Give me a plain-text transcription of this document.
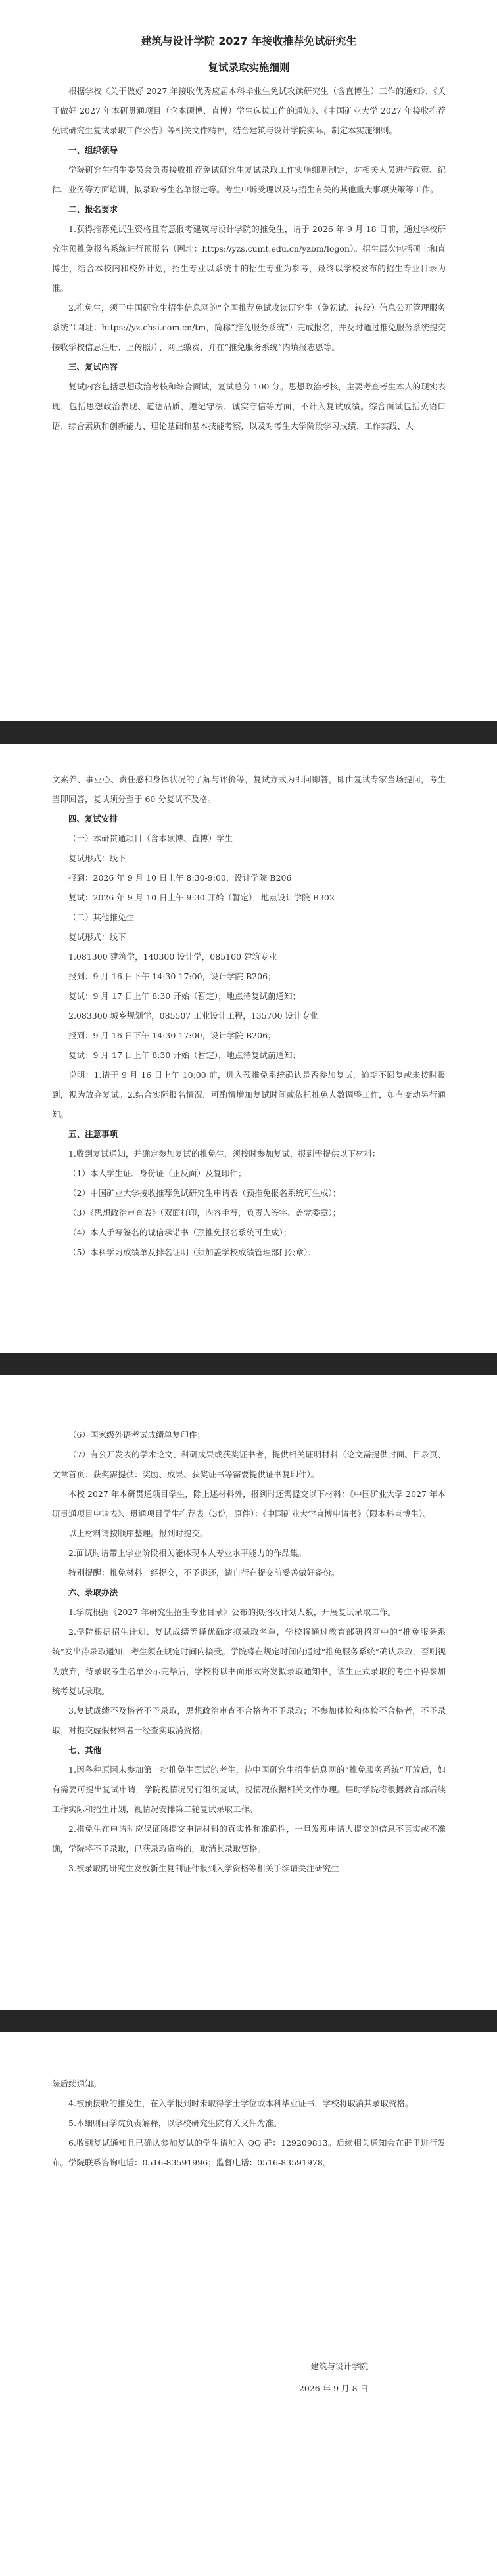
建筑与设计学院 2027 年接收推荐免试研究生
复试录取实施细则

根据学校《关于做好 2027 年接收优秀应届本科毕业生免试攻读研究生（含直博生）工作的通知》、《关于做好 2027 年本研贯通项目（含本硕博、直博）学生选拔工作的通知》、《中国矿业大学 2027 年接收推荐免试研究生复试录取工作公告》等相关文件精神，结合建筑与设计学院实际，制定本实施细则。

一、组织领导

学院研究生招生委员会负责接收推荐免试研究生复试录取工作实施细则制定，对相关人员进行政策、纪律、业务等方面培训，拟录取考生名单报定等。考生申诉受理以及与招生有关的其他重大事项决策等工作。

二、报名要求

1.获得推荐免试生资格且有意报考建筑与设计学院的推免生，请于 2026 年 9 月 18 日前，通过学校研究生预推免报名系统进行预报名（网址：https://yzs.cumt.edu.cn/yzbm/logon）。招生层次包括硕士和直博生，结合本校内和校外计划，招生专业以系统中的招生专业为参考，最终以学校发布的招生专业目录为准。

2.推免生，须于中国研究生招生信息网的“全国推荐免试攻读研究生（免初试、转段）信息公开管理服务系统”（网址：https://yz.chsi.com.cn/tm，简称“推免服务系统”）完成报名，并及时通过推免服务系统提交接收学校信息注册、上传照片、网上缴费，并在“推免服务系统”内填报志愿等。

三、复试内容

复试内容包括思想政治考核和综合面试，复试总分 100 分。思想政治考核，主要考查考生本人的现实表现，包括思想政治表现、道德品质、遵纪守法、诚实守信等方面，不计入复试成绩。综合面试包括英语口语、综合素质和创新能力、理论基础和基本技能考察，以及对考生大学阶段学习成绩、工作实践、人

文素养、事业心、责任感和身体状况的了解与评价等，复试方式为即问即答，即由复试专家当场提问，考生当即回答，复试须分至于 60 分复试不及格。

四、复试安排

（一）本研贯通项目（含本硕博、直博）学生

复试形式：线下

报到：2026 年 9 月 10 日上午 8:30-9:00，设计学院 B206

复试：2026 年 9 月 10 日上午 9:30 开始（暂定），地点设计学院 B302

（二）其他推免生

复试形式：线下

1.081300 建筑学，140300 设计学，085100 建筑专业

报到：9 月 16 日下午 14:30-17:00，设计学院 B206；

复试：9 月 17 日上午 8:30 开始（暂定），地点待复试前通知；

2.083300 城乡规划学，085507 工业设计工程，135700 设计专业

报到：9 月 16 日下午 14:30-17:00，设计学院 B206；

复试：9 月 17 日上午 8:30 开始（暂定），地点待复试前通知；

说明：1.请于 9 月 16 日上午 10:00 前，进入预推免系统确认是否参加复试，逾期不回复或未按时报到，视为放弃复试。2.结合实际报名情况，可酌情增加复试时间或依托推免人数调整工作，如有变动另行通知。

五、注意事项

1.收到复试通知，并确定参加复试的推免生，须按时参加复试，报到需提供以下材料：

（1）本人学生证、身份证（正反面）及复印件；

（2）中国矿业大学接收推荐免试研究生申请表（预推免报名系统可生成）；

（3）《思想政治审查表》（双面打印，内容手写，负责人签字、盖党委章）；

（4）本人手写签名的诚信承诺书（预推免报名系统可生成）；

（5）本科学习成绩单及排名证明（须加盖学校成绩管理部门公章）；

（6）国家级外语考试成绩单复印件；

（7）有公开发表的学术论文、科研成果或获奖证书者，提供相关证明材料（论文需提供封面、目录页、文章首页；获奖需提供：奖励、成果、获奖证书等需要提供证书复印件）。

本校 2027 年本研贯通项目学生，除上述材料外，报到时还需提交以下材料：《中国矿业大学 2027 年本研贯通项目申请表》、贯通项目学生推荐表（3份，原件）：《中国矿业大学直博申请书》（限本科直博生）。

以上材料请按顺序整理。报到时提交。

2.面试时请带上学业阶段相关能体现本人专业水平能力的作品集。

特别提醒：推免材料一经提交，不予退还，请自行在提交前妥善做好备份。

六、录取办法

1.学院根据《2027 年研究生招生专业目录》公布的拟招收计划人数，开展复试录取工作。

2.学院根据招生计划、复试成绩等择优确定拟录取名单，学校将通过教育部研招网中的“推免服务系统”发出待录取通知，考生须在规定时间内接受。学院将在规定时间内通过“推免服务系统”确认录取，否则视为放弃，待录取考生名单公示完毕后，学校将以书面形式寄发拟录取通知书，该生正式录取的考生不得参加统考复试录取。

3.复试成绩不及格者不予录取，思想政治审查不合格者不予录取；不参加体检和体检不合格者，不予录取；对提交虚假材料者一经查实取消资格。

七、其他

1.因各种原因未参加第一批推免生面试的考生，待中国研究生招生信息网的“推免服务系统”开放后，如有需要可提出复试申请，学院视情况另行组织复试，视情况依据相关文件办理。届时学院将根据教育部后续工作实际和招生计划，视情况安排第二轮复试录取工作。

2.推免生在申请时应保证所提交申请材料的真实性和准确性，一旦发现申请人提交的信息不真实或不准确，学院将不予录取，已获录取资格的，取消其录取资格。

3.被录取的研究生发放新生复制证件报到入学资格等相关手续请关注研究生

院后续通知。

4.被预接收的推免生，在入学报到时未取得学士学位或本科毕业证书，学校将取消其录取资格。

5.本细则由学院负责解释，以学校研究生院有关文件为准。

6.收到复试通知且已确认参加复试的学生请加入 QQ 群：129209813。后续相关通知会在群里进行发布。学院联系咨询电话：0516-83591996；监督电话：0516-83591978。

建筑与设计学院

2026 年 9 月 8 日
